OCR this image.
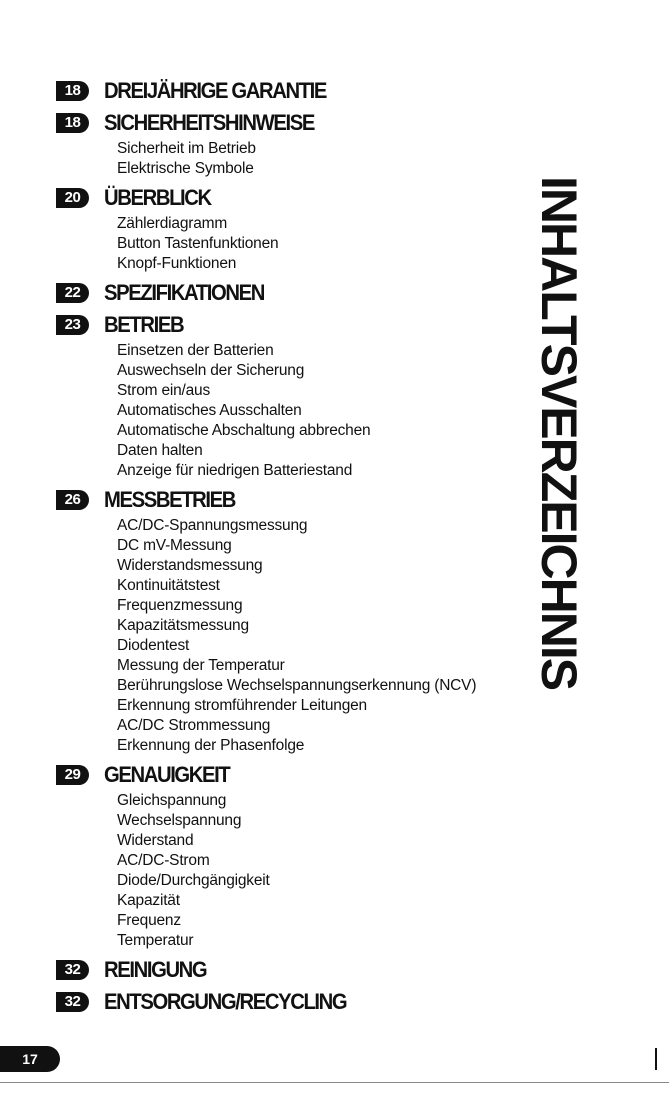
18	DREIJÄHRIGE GARANTIE
18	SICHERHEITSHINWEISE
Sicherheit im Betrieb
Elektrische Symbole
20	ÜBERBLICK
Zählerdiagramm
Button Tastenfunktionen
Knopf-Funktionen
22	SPEZIFIKATIONEN
23	BETRIEB
Einsetzen der Batterien
Auswechseln der Sicherung
Strom ein/aus
Automatisches Ausschalten
Automatische Abschaltung abbrechen
Daten halten
Anzeige für niedrigen Batteriestand
26	MESSBETRIEB
AC/DC-Spannungsmessung
DC mV-Messung
Widerstandsmessung
Kontinuitätstest
Frequenzmessung
Kapazitätsmessung
Diodentest
Messung der Temperatur
Berührungslose Wechselspannungserkennung (NCV)
Erkennung stromführender Leitungen
AC/DC Strommessung
Erkennung der Phasenfolge
29	GENAUIGKEIT
Gleichspannung
Wechselspannung
Widerstand
AC/DC-Strom
Diode/Durchgängigkeit
Kapazität
Frequenz
Temperatur
32	REINIGUNG
32	ENTSORGUNG/RECYCLING
INHALTSVERZEICHNIS
17
